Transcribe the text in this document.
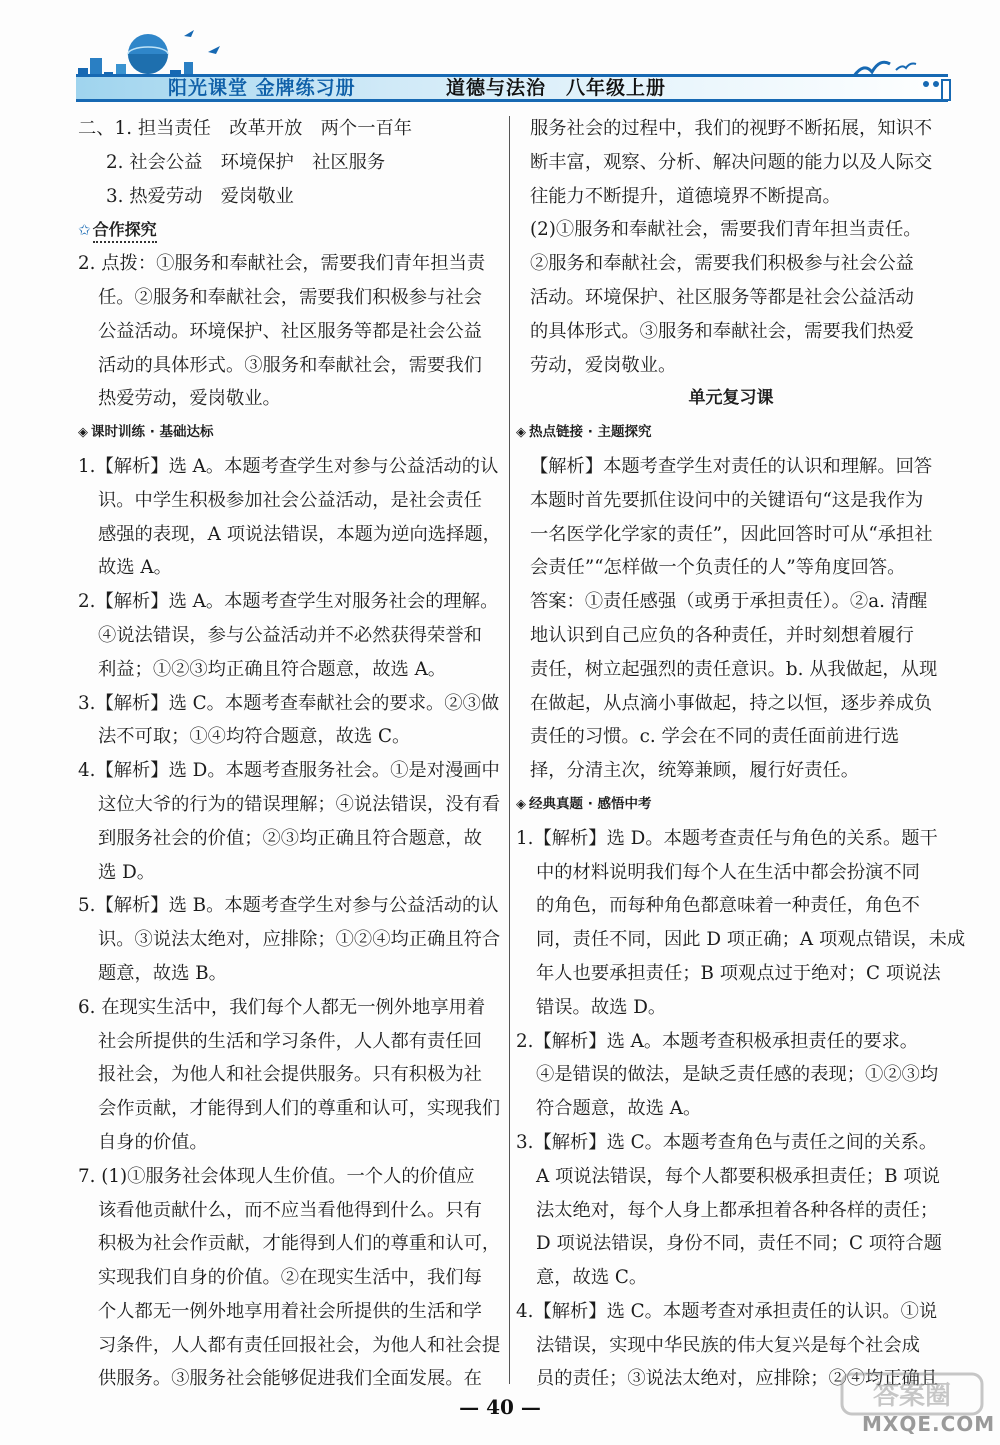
阳光课堂 金牌练习册	道德与法治　八年级上册
二、1. 担当责任　改革开放　两个一百年
2. 社会公益　环境保护　社区服务
3. 热爱劳动　爱岗敬业
✩ 合作探究
2. 点拨：①服务和奉献社会，需要我们青年担当责
任。②服务和奉献社会，需要我们积极参与社会
公益活动。环境保护、社区服务等都是社会公益
活动的具体形式。③服务和奉献社会，需要我们
热爱劳动，爱岗敬业。
◈ 课时训练 · 基础达标
1.【解析】选 A。本题考查学生对参与公益活动的认
识。中学生积极参加社会公益活动，是社会责任
感强的表现，A 项说法错误，本题为逆向选择题，
故选 A。
2.【解析】选 A。本题考查学生对服务社会的理解。
④说法错误，参与公益活动并不必然获得荣誉和
利益；①②③均正确且符合题意，故选 A。
3.【解析】选 C。本题考查奉献社会的要求。②③做
法不可取；①④均符合题意，故选 C。
4.【解析】选 D。本题考查服务社会。①是对漫画中
这位大爷的行为的错误理解；④说法错误，没有看
到服务社会的价值；②③均正确且符合题意，故
选 D。
5.【解析】选 B。本题考查学生对参与公益活动的认
识。③说法太绝对，应排除；①②④均正确且符合
题意，故选 B。
6. 在现实生活中，我们每个人都无一例外地享用着
社会所提供的生活和学习条件，人人都有责任回
报社会，为他人和社会提供服务。只有积极为社
会作贡献，才能得到人们的尊重和认可，实现我们
自身的价值。
7. (1)①服务社会体现人生价值。一个人的价值应
该看他贡献什么，而不应当看他得到什么。只有
积极为社会作贡献，才能得到人们的尊重和认可，
实现我们自身的价值。②在现实生活中，我们每
个人都无一例外地享用着社会所提供的生活和学
习条件，人人都有责任回报社会，为他人和社会提
供服务。③服务社会能够促进我们全面发展。在
服务社会的过程中，我们的视野不断拓展，知识不
断丰富，观察、分析、解决问题的能力以及人际交
往能力不断提升，道德境界不断提高。
(2)①服务和奉献社会，需要我们青年担当责任。
②服务和奉献社会，需要我们积极参与社会公益
活动。环境保护、社区服务等都是社会公益活动
的具体形式。③服务和奉献社会，需要我们热爱
劳动，爱岗敬业。
单元复习课
◈ 热点链接 · 主题探究
【解析】本题考查学生对责任的认识和理解。回答
本题时首先要抓住设问中的关键语句“这是我作为
一名医学化学家的责任”，因此回答时可从“承担社
会责任”“怎样做一个负责任的人”等角度回答。
答案：①责任感强（或勇于承担责任）。②a. 清醒
地认识到自己应负的各种责任，并时刻想着履行
责任，树立起强烈的责任意识。b. 从我做起，从现
在做起，从点滴小事做起，持之以恒，逐步养成负
责任的习惯。c. 学会在不同的责任面前进行选
择，分清主次，统筹兼顾，履行好责任。
◈ 经典真题 · 感悟中考
1.【解析】选 D。本题考查责任与角色的关系。题干
中的材料说明我们每个人在生活中都会扮演不同
的角色，而每种角色都意味着一种责任，角色不
同，责任不同，因此 D 项正确；A 项观点错误，未成
年人也要承担责任；B 项观点过于绝对；C 项说法
错误。故选 D。
2.【解析】选 A。本题考查积极承担责任的要求。
④是错误的做法，是缺乏责任感的表现；①②③均
符合题意，故选 A。
3.【解析】选 C。本题考查角色与责任之间的关系。
A 项说法错误，每个人都要积极承担责任；B 项说
法太绝对，每个人身上都承担着各种各样的责任；
D 项说法错误，身份不同，责任不同；C 项符合题
意，故选 C。
4.【解析】选 C。本题考查对承担责任的认识。①说
法错误，实现中华民族的伟大复兴是每个社会成
员的责任；③说法太绝对，应排除；②④均正确且
— 40 —	答案圈
MXQE.COM
